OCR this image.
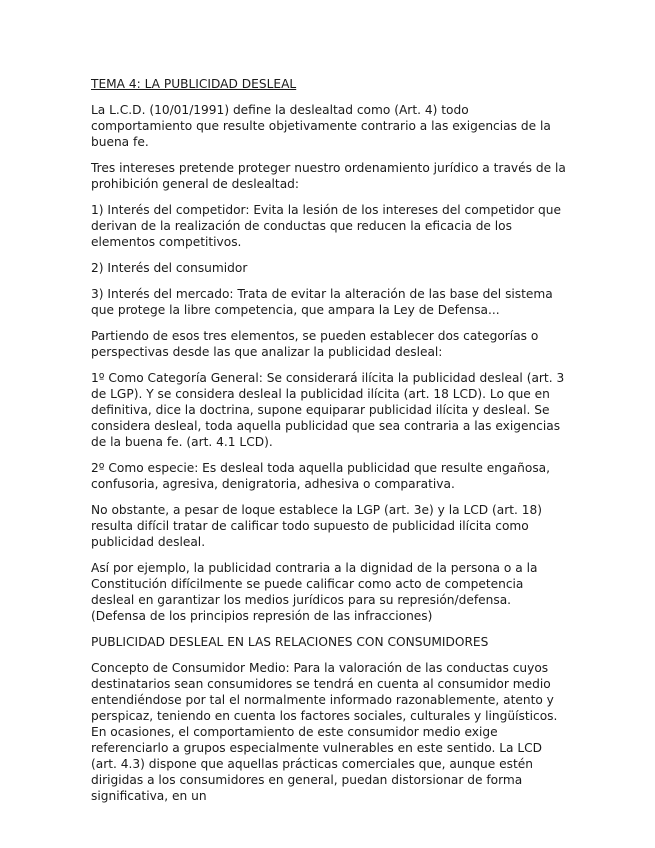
TEMA 4: LA PUBLICIDAD DESLEAL

La L.C.D. (10/01/1991) define la deslealtad como (Art. 4) todo comportamiento que resulte objetivamente contrario a las exigencias de la buena fe.

Tres intereses pretende proteger nuestro ordenamiento jurídico a través de la prohibición general de deslealtad:

1) Interés del competidor: Evita la lesión de los intereses del competidor que derivan de la realización de conductas que reducen la eficacia de los elementos competitivos.

2) Interés del consumidor

3) Interés del mercado: Trata de evitar la alteración de las base del sistema que protege la libre competencia, que ampara la Ley de Defensa...

Partiendo de esos tres elementos, se pueden establecer dos categorías o perspectivas desde las que analizar la publicidad desleal:

1º Como Categoría General: Se considerará ilícita la publicidad desleal (art. 3 de LGP). Y se considera desleal la publicidad ilícita (art. 18 LCD). Lo que en definitiva, dice la doctrina, supone equiparar publicidad ilícita y desleal. Se considera desleal, toda aquella publicidad que sea contraria a las exigencias de la buena fe. (art. 4.1 LCD).

2º Como especie: Es desleal toda aquella publicidad que resulte engañosa, confusoria, agresiva, denigratoria, adhesiva o comparativa.

No obstante, a pesar de loque establece la LGP (art. 3e) y la LCD (art. 18) resulta difícil tratar de calificar todo supuesto de publicidad ilícita como publicidad desleal.

Así por ejemplo, la publicidad contraria a la dignidad de la persona o a la Constitución difícilmente se puede calificar como acto de competencia desleal en garantizar los medios jurídicos para su represión/defensa. (Defensa de los principios represión de las infracciones)

PUBLICIDAD DESLEAL EN LAS RELACIONES CON CONSUMIDORES

Concepto de Consumidor Medio: Para la valoración de las conductas cuyos destinatarios sean consumidores se tendrá en cuenta al consumidor medio entendiéndose por tal el normalmente informado razonablemente, atento y perspicaz, teniendo en cuenta los factores sociales, culturales y lingüísticos. En ocasiones, el comportamiento de este consumidor medio exige referenciarlo a grupos especialmente vulnerables en este sentido. La LCD (art. 4.3) dispone que aquellas prácticas comerciales que, aunque estén dirigidas a los consumidores en general, puedan distorsionar de forma significativa, en un
